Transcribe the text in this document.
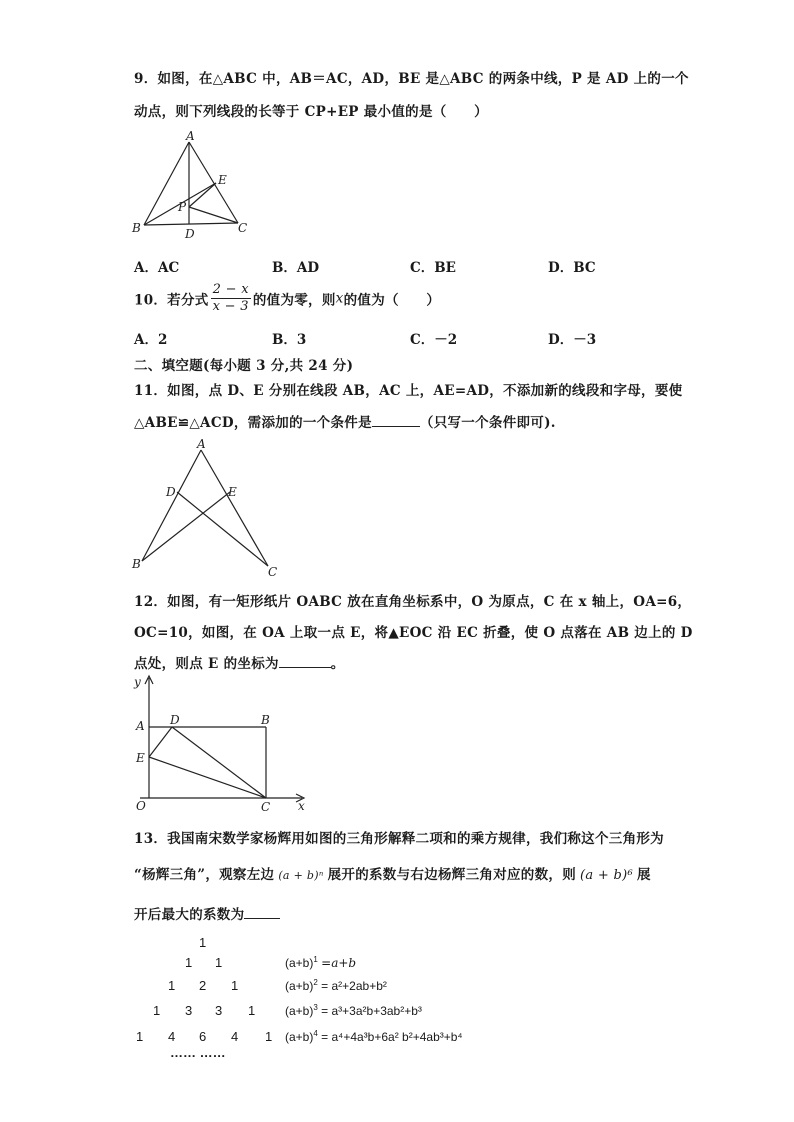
9．如图，在△ABC 中，AB＝AC，AD，BE 是△ABC 的两条中线，P 是 AD 上的一个
动点，则下列线段的长等于 CP+EP 最小值的是（　　）
A
E
P
B	D	C
A．AC	B．AD	C．BE	D．BC
10．若分式 $\frac{2 - x}{x - 3}$ 的值为零，则x的值为（　　）
A．2	B．3	C．－2	D．－3
二、填空题(每小题 3 分,共 24 分)
11．如图，点 D、E 分别在线段 AB，AC 上，AE=AD，不添加新的线段和字母，要使
△ABE≌△ACD，需添加的一个条件是	（只写一个条件即可).
A
D	E
B
C
12．如图，有一矩形纸片 OABC 放在直角坐标系中，O 为原点，C 在 x 轴上，OA=6，
OC=10，如图，在 OA 上取一点 E，将▲EOC 沿 EC 折叠，使 O 点落在 AB 边上的 D
点处，则点 E 的坐标为	。
y
x
A D	B
E
O	C
13．我国南宋数学家杨辉用如图的三角形解释二项和的乘方规律，我们称这个三角形为
“杨辉三角”，观察左边 (a + b)ⁿ 展开的系数与右边杨辉三角对应的数，则 (a + b)⁶ 展
开后最大的系数为
1
1 1
1 2 1
1 3 3 1
1 4 6 4 1
…… ……
$(a+b)^1 =a+b$
$(a+b)^2 = a^2+2ab+b^2$
$(a+b)^3 = a^3+3a^2b+3ab^2+b^3$
$(a+b)^4 = a^4+4a^3b+6a^2$ b²+4ab³+b⁴
